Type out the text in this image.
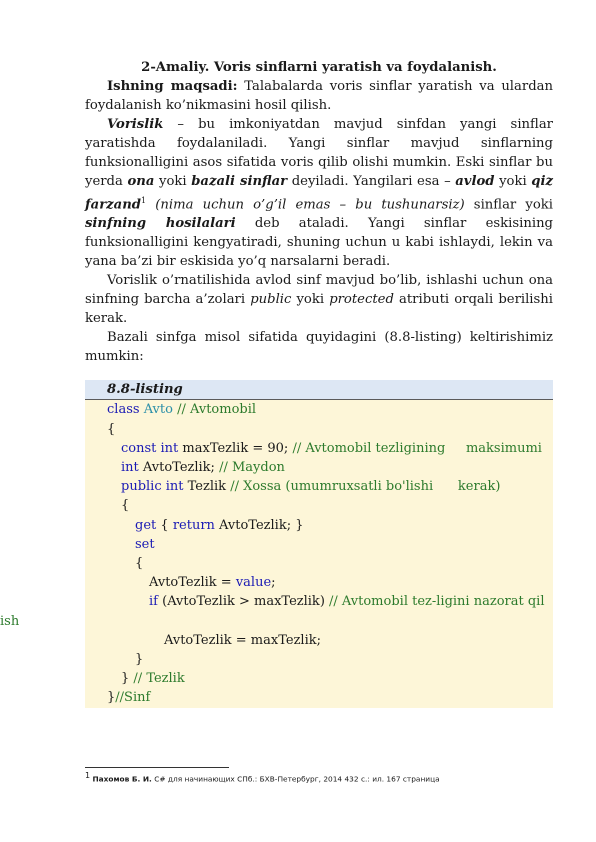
2-Amaliy. Voris sinflarni yaratish va foydalanish.

Ishning maqsadi: Talabalarda voris sinflar yaratish va ulardan foydalanish ko’nikmasini hosil qilish.

Vorislik – bu imkoniyatdan mavjud sinfdan yangi sinflar yaratishda foydalaniladi. Yangi sinflar mavjud sinflarning funksionalligini asos sifatida voris qilib olishi mumkin. Eski sinflar bu yerda ona yoki bazali sinflar deyiladi. Yangilari esa – avlod yoki qiz farzand$^1$ (nima uchun o’g’il emas – bu tushunarsiz) sinflar yoki sinfning hosilalari deb ataladi. Yangi sinflar eskisining funksionalligini kengyatiradi, shuning uchun u kabi ishlaydi, lekin va yana ba’zi bir eskisida yo’q narsalarni beradi.

Vorislik o’rnatilishida avlod sinf mavjud bo’lib, ishlashi uchun ona sinfning barcha a’zolari public yoki protected atributi orqali berilishi kerak.

Bazali sinfga misol sifatida quyidagini (8.8-listing) keltirishimiz mumkin:

8.8-listing
class Avto // Avtomobil
{
const int maxTezlik = 90; // Avtomobil tezligining     maksimumi
int AvtoTezlik; // Maydon
public int Tezlik // Xossa (umumruxsatli bo'lishi      kerak)
{
get { return AvtoTezlik; }
set
{
AvtoTezlik = value;
if (AvtoTezlik > maxTezlik) // Avtomobil tez-ligini nazorat qil
ish
AvtoTezlik = maxTezlik;
}
} // Tezlik
}//Sinf
$^1$ Пахомов Б. И. C# для начинающих СПб.: БХВ-Петербург, 2014 432 с.: ил. 167 страница
